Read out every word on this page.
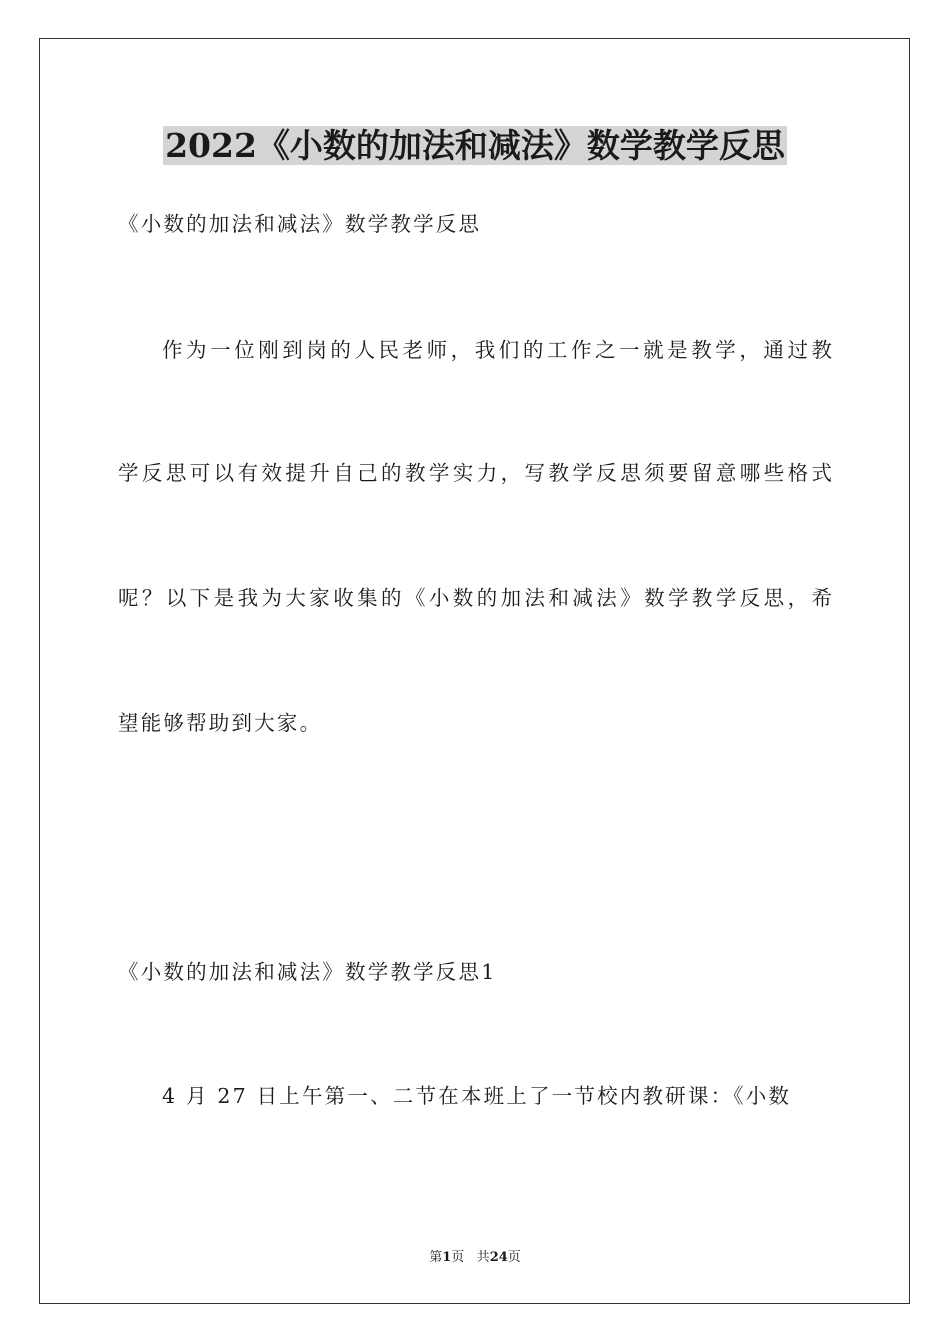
2022《小数的加法和减法》数学教学反思
《小数的加法和减法》数学教学反思
作为一位刚到岗的人民老师，我们的工作之一就是教学，通过教
学反思可以有效提升自己的教学实力，写教学反思须要留意哪些格式
呢？以下是我为大家收集的《小数的加法和减法》数学教学反思，希
望能够帮助到大家。
《小数的加法和减法》数学教学反思1
4 月 27 日上午第一、二节在本班上了一节校内教研课：《小数
第1页 共24页
